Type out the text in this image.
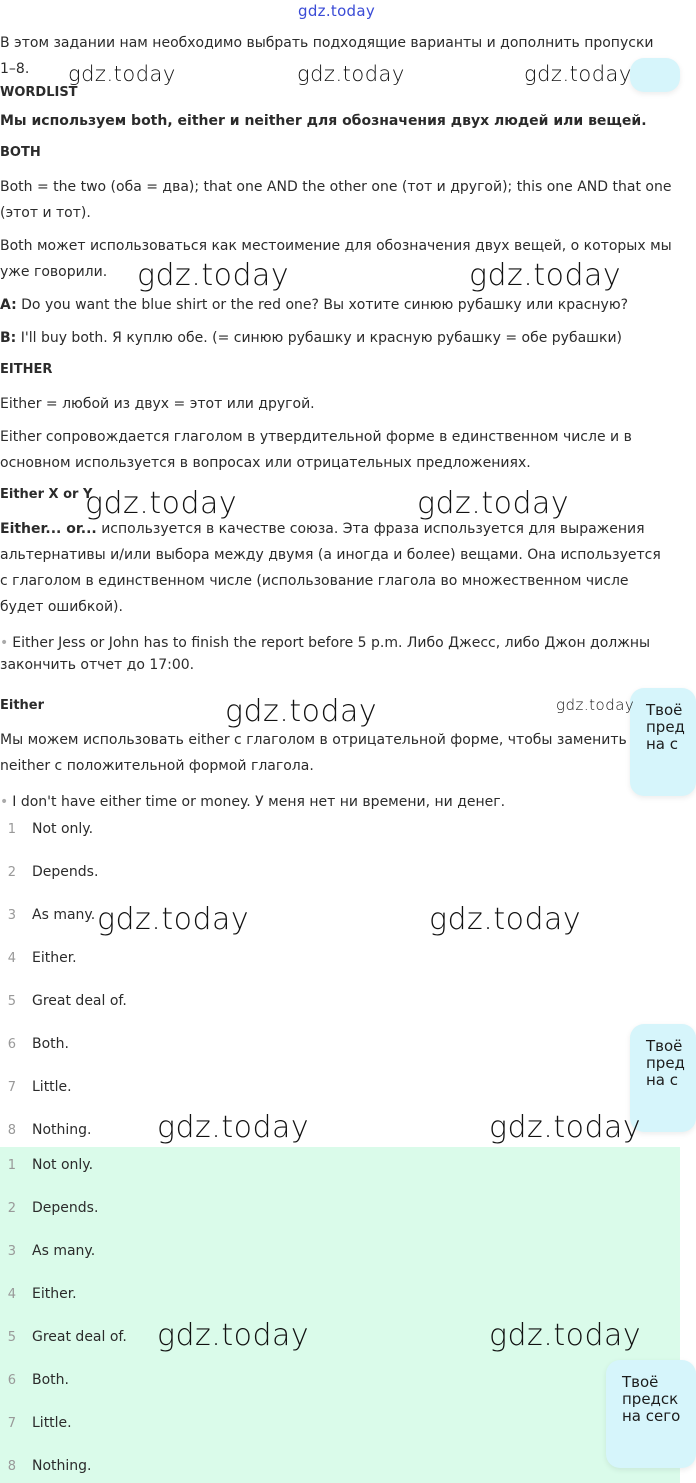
gdz.today

В этом задании нам необходимо выбрать подходящие варианты и дополнить пропуски 1–8.

WORDLIST

Мы используем both, either и neither для обозначения двух людей или вещей.

BOTH

Both = the two (оба = два); that one AND the other one (тот и другой); this one AND that one (этот и тот).

Both может использоваться как местоимение для обозначения двух вещей, о которых мы уже говорили.

A: Do you want the blue shirt or the red one? Вы хотите синюю рубашку или красную?

B: I'll buy both. Я куплю обе. (= синюю рубашку и красную рубашку = обе рубашки)

EITHER

Either = любой из двух = этот или другой.

Either сопровождается глаголом в утвердительной форме в единственном числе и в основном используется в вопросах или отрицательных предложениях.

Either X or Y

Either... or... используется в качестве союза. Эта фраза используется для выражения альтернативы и/или выбора между двумя (а иногда и более) вещами. Она используется с глаголом в единственном числе (использование глагола во множественном числе будет ошибкой).

• Either Jess or John has to finish the report before 5 p.m. Либо Джесс, либо Джон должны закончить отчет до 17:00.

Either

Мы можем использовать either с глаголом в отрицательной форме, чтобы заменить neither с положительной формой глагола.

• I don't have either time or money. У меня нет ни времени, ни денег.
1 Not only.
2 Depends.
3 As many.
4 Either.
5 Great deal of.
6 Both.
7 Little.
8 Nothing.
1 Not only.
2 Depends.
3 As many.
4 Either.
5 Great deal of.
6 Both.
7 Little.
8 Nothing.
Твоё
пред
на с
Твоё
пред
на с
Твоё
предск
на сего
gdz.today	gdz.today	gdz.today
gdz.today	gdz.today
gdz.today	gdz.today
gdz.today	gdz.today
gdz.today	gdz.today
gdz.today	gdz.today
gdz.today	gdz.today
